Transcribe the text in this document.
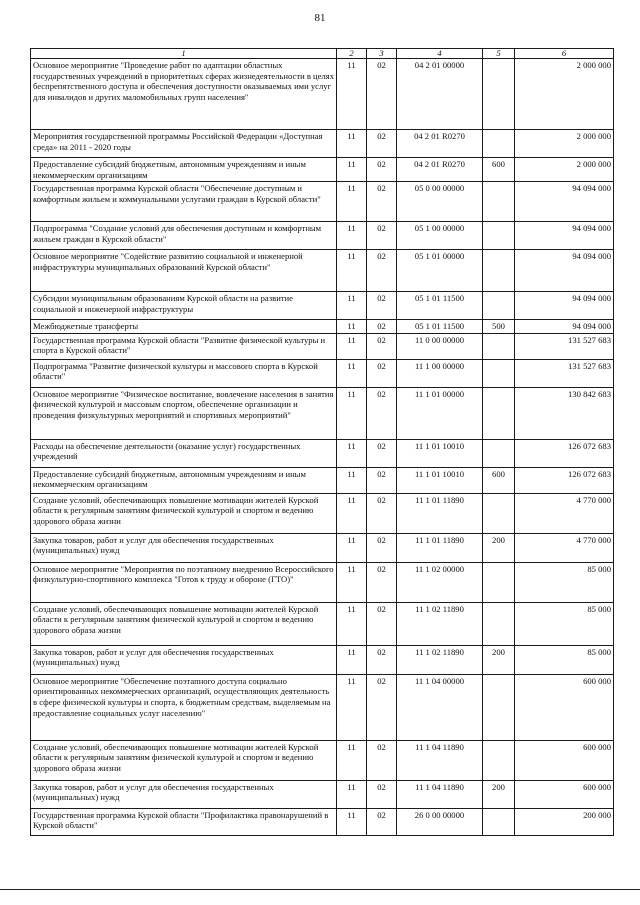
81
1	2	3	4	5	6
Основное мероприятие "Проведение работ по адаптации областных государственных учреждений в приоритетных сферах жизнедеятельности в целях беспрепятственного доступа и обеспечения доступности оказываемых ими услуг для инвалидов и других маломобильных групп населения"	11	02	04 2 01 00000		2 000 000
Мероприятия государственной программы Российской Федерации «Доступная среда» на 2011 - 2020 годы	11	02	04 2 01 R0270		2 000 000
Предоставление субсидий бюджетным, автономным учреждениям и иным некоммерческим организациям	11	02	04 2 01 R0270	600	2 000 000
Государственная программа Курской области "Обеспечение доступным и комфортным жильем и коммунальными услугами граждан в Курской области"	11	02	05 0 00 00000		94 094 000
Подпрограмма "Создание условий для обеспечения доступным и комфортным жильем граждан в Курской области"	11	02	05 1 00 00000		94 094 000
Основное мероприятие "Содействие развитию социальной и инженерной инфраструктуры муниципальных образований Курской области"	11	02	05 1 01 00000		94 094 000
Субсидии муниципальным образованиям Курской области на развитие социальной и инженерной инфраструктуры	11	02	05 1 01 11500		94 094 000
Межбюджетные трансферты	11	02	05 1 01 11500	500	94 094 000
Государственная программа Курской области "Развитие физической культуры и спорта в Курской области"	11	02	11 0 00 00000		131 527 683
Подпрограмма "Развитие физической культуры и массового спорта в Курской области"	11	02	11 1 00 00000		131 527 683
Основное мероприятие "Физическое воспитание, вовлечение населения в занятия физической культурой и массовым спортом, обеспечение организации и проведения физкультурных мероприятий и спортивных мероприятий"	11	02	11 1 01 00000		130 842 683
Расходы на обеспечение деятельности (оказание услуг) государственных учреждений	11	02	11 1 01 10010		126 072 683
Предоставление субсидий бюджетным, автономным учреждениям и иным некоммерческим организациям	11	02	11 1 01 10010	600	126 072 683
Создание условий, обеспечивающих повышение мотивации жителей Курской области к регулярным занятиям физической культурой и спортом и ведению здорового образа жизни	11	02	11 1 01 11890		4 770 000
Закупка товаров, работ и услуг для обеспечения государственных (муниципальных) нужд	11	02	11 1 01 11890	200	4 770 000
Основное мероприятие "Мероприятия по поэтапному внедрению Всероссийского физкультурно-спортивного комплекса "Готов к труду и обороне (ГТО)"	11	02	11 1 02 00000		85 000
Создание условий, обеспечивающих повышение мотивации жителей Курской области к регулярным занятиям физической культурой и спортом и ведению здорового образа жизни	11	02	11 1 02 11890		85 000
Закупка товаров, работ и услуг для обеспечения государственных (муниципальных) нужд	11	02	11 1 02 11890	200	85 000
Основное мероприятие "Обеспечение поэтапного доступа социально ориентированных некоммерческих организаций, осуществляющих деятельность в сфере физической культуры и спорта, к бюджетным средствам, выделяемым на предоставление социальных услуг населению"	11	02	11 1 04 00000		600 000
Создание условий, обеспечивающих повышение мотивации жителей Курской области к регулярным занятиям физической культурой и спортом и ведению здорового образа жизни	11	02	11 1 04 11890		600 000
Закупка товаров, работ и услуг для обеспечения государственных (муниципальных) нужд	11	02	11 1 04 11890	200	600 000
Государственная программа Курской области "Профилактика правонарушений в Курской области"	11	02	26 0 00 00000		200 000
